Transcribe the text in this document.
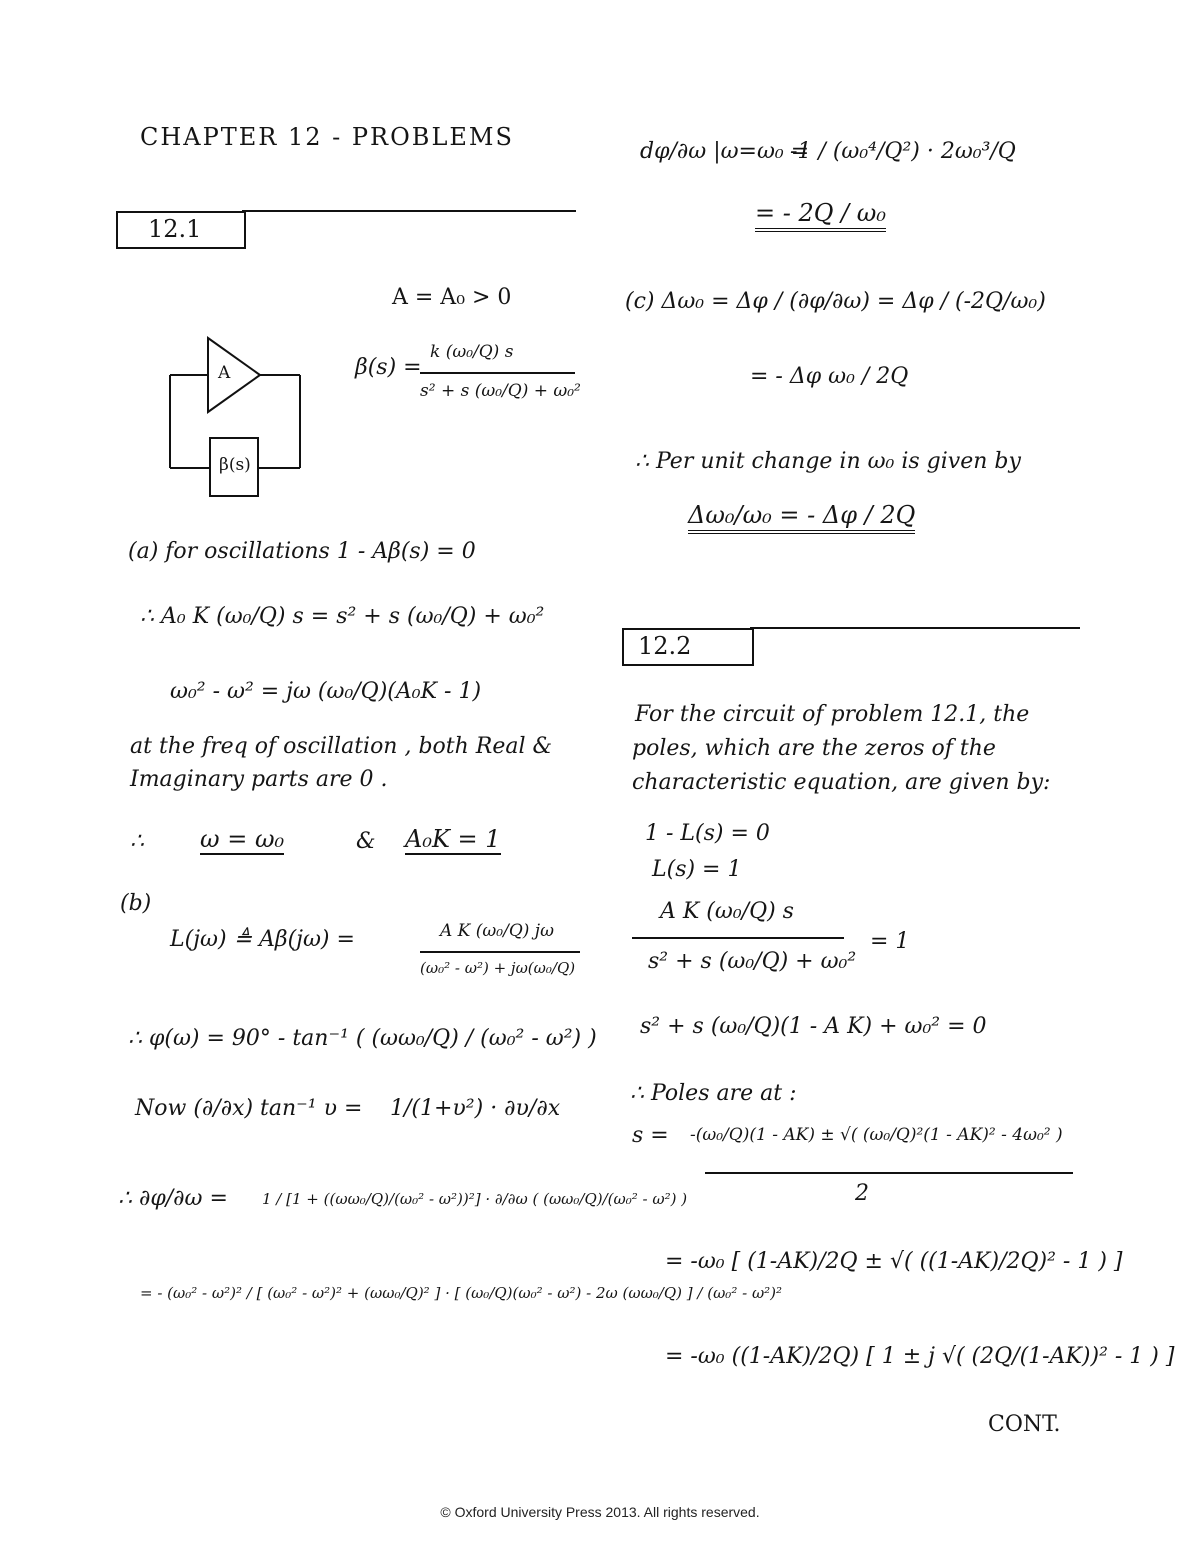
CHAPTER 12 - PROBLEMS
12.1
A = A₀ > 0
A
β(s)
β(s) =
k (ω₀/Q) s
s² + s (ω₀/Q) + ω₀²
(a) for oscillations 1 - Aβ(s) = 0
∴ A₀ K (ω₀/Q) s = s² + s (ω₀/Q) + ω₀²
ω₀² - ω² = jω (ω₀/Q)(A₀K - 1)
at the freq of oscillation , both Real &
Imaginary parts are 0 .
∴ ω = ω₀	& A₀K = 1
(b)
L(jω) ≜ Aβ(jω) =	A K (ω₀/Q) jω
(ω₀² - ω²) + jω(ω₀/Q)
∴ φ(ω) = 90° - tan⁻¹ ( (ωω₀/Q) / (ω₀² - ω²) )
Now (∂/∂x) tan⁻¹ υ = 1/(1+υ²) · ∂υ/∂x
∴ ∂φ/∂ω = 1 / [1 + ((ωω₀/Q)/(ω₀² - ω²))²] · ∂/∂ω ( (ωω₀/Q)/(ω₀² - ω²) )
= - (ω₀² - ω²)² / [ (ω₀² - ω²)² + (ωω₀/Q)² ] · [ (ω₀/Q)(ω₀² - ω²) - 2ω (ωω₀/Q) ] / (ω₀² - ω²)²
dφ/∂ω |ω=ω₀ =
-1 / (ω₀⁴/Q²) · 2ω₀³/Q
= - 2Q / ω₀
(c) Δω₀ = Δφ / (∂φ/∂ω) = Δφ / (-2Q/ω₀)
= - Δφ ω₀ / 2Q
∴ Per unit change in ω₀ is given by
Δω₀/ω₀ = - Δφ / 2Q
12.2
For the circuit of problem 12.1, the
poles, which are the zeros of the
characteristic equation, are given by:
1 - L(s) = 0
L(s) = 1
A K (ω₀/Q) s
s² + s (ω₀/Q) + ω₀²
= 1
s² + s (ω₀/Q)(1 - A K) + ω₀² = 0
∴ Poles are at :
s = -(ω₀/Q)(1 - AK) ± √( (ω₀/Q)²(1 - AK)² - 4ω₀² )
2
= -ω₀ [ (1-AK)/2Q ± √( ((1-AK)/2Q)² - 1 ) ]
= -ω₀ ((1-AK)/2Q) [ 1 ± j √( (2Q/(1-AK))² - 1 ) ]
CONT.
© Oxford University Press 2013. All rights reserved.
